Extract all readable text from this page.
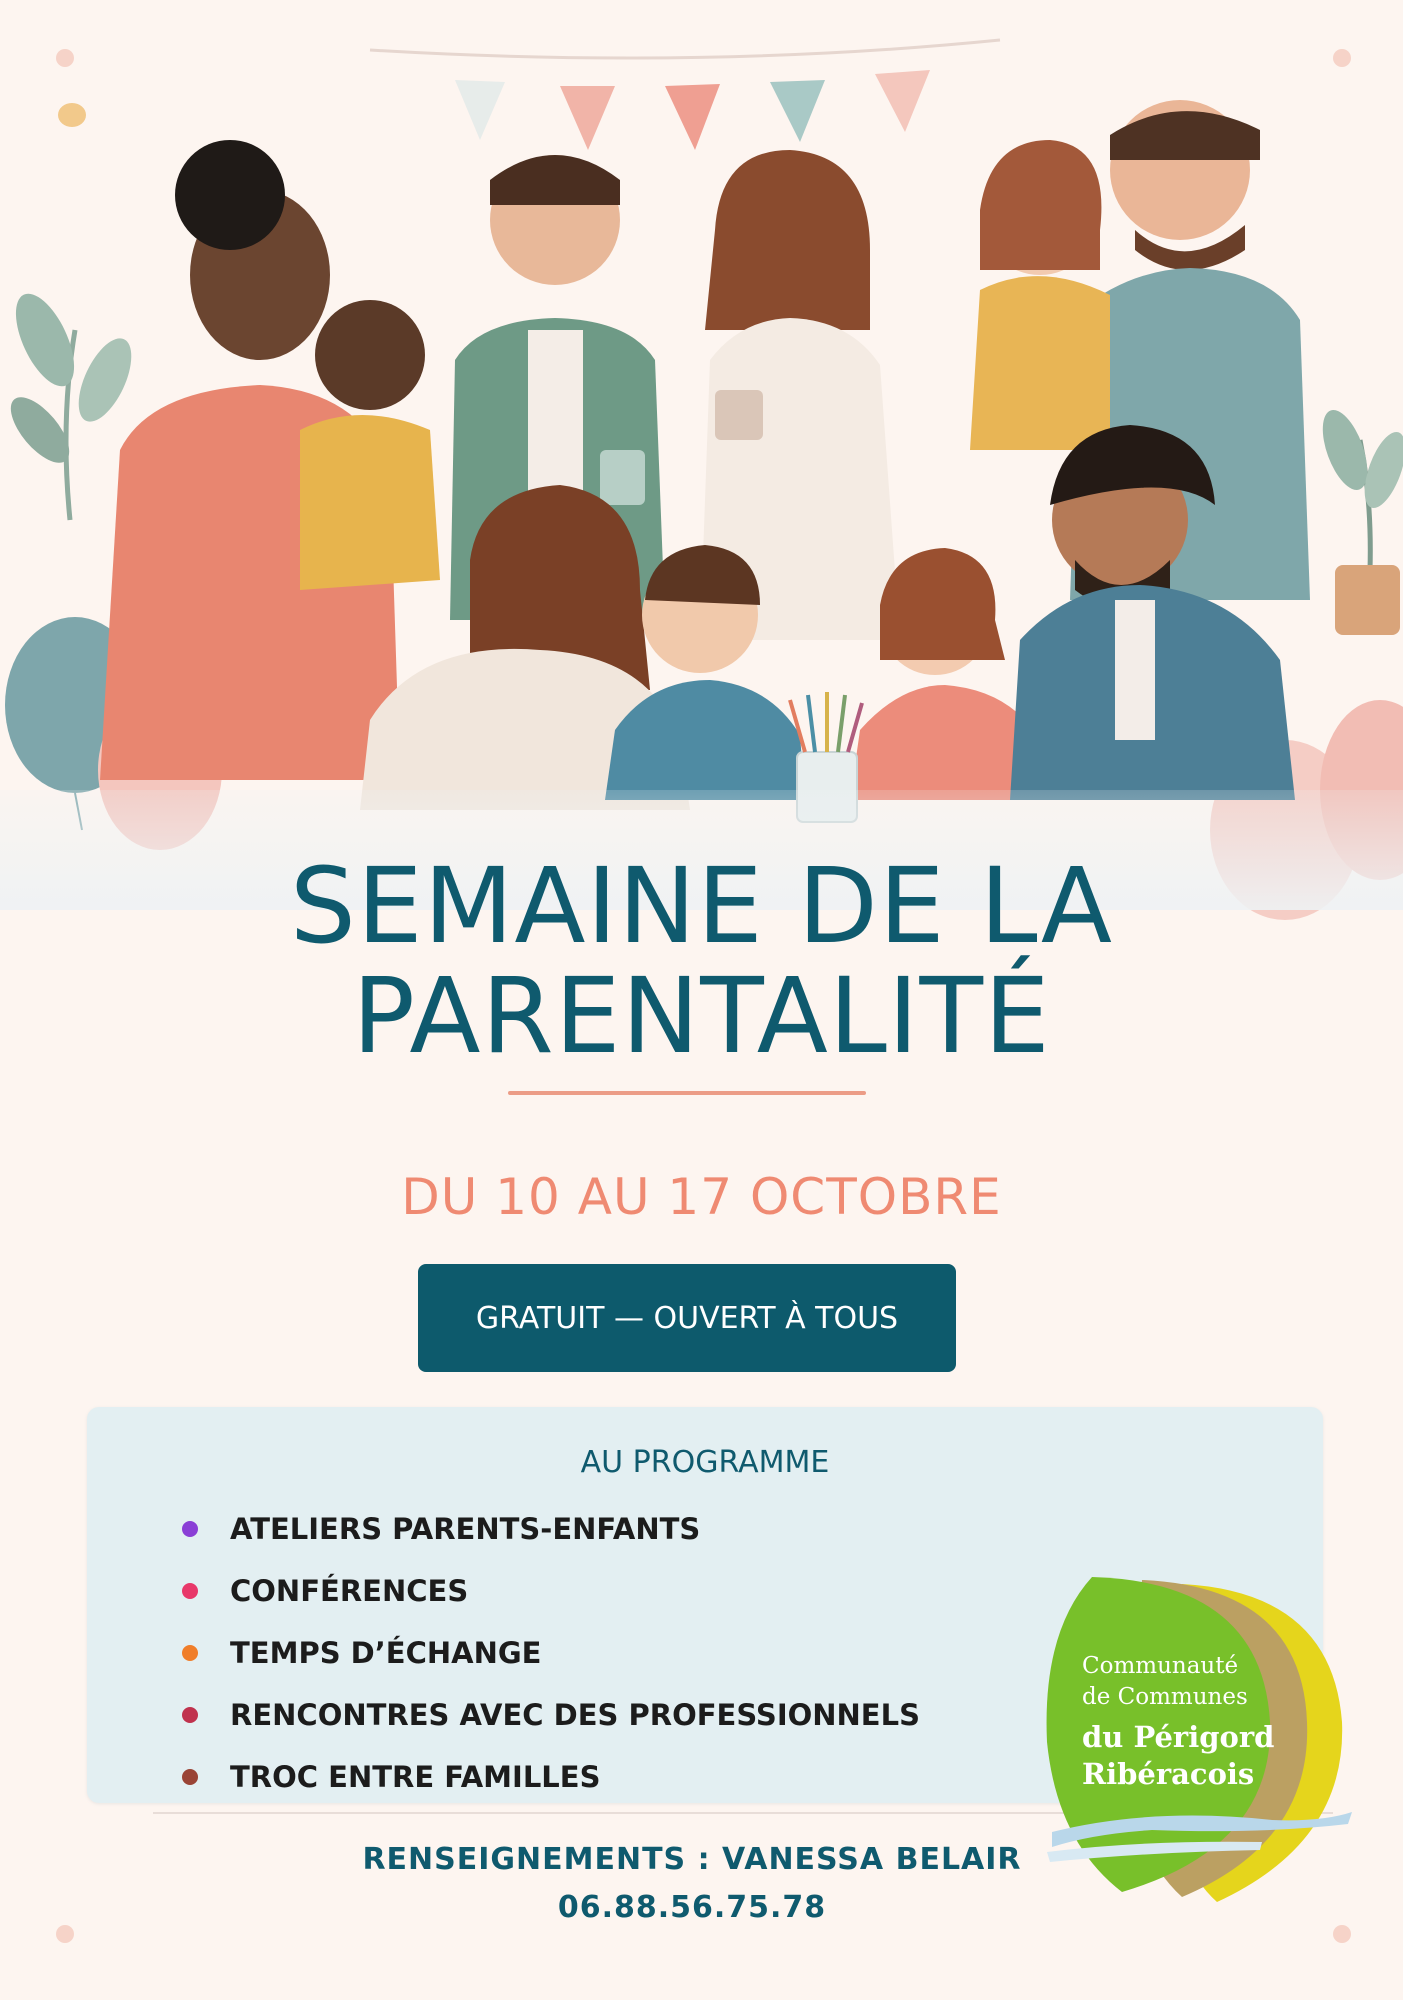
SEMAINE DE LA
PARENTALITÉ
DU 10 AU 17 OCTOBRE
GRATUIT — OUVERT À TOUS
AU PROGRAMME
ATELIERS PARENTS-ENFANTS
CONFÉRENCES
TEMPS D’ÉCHANGE
RENCONTRES AVEC DES PROFESSIONNELS
TROC ENTRE FAMILLES
RENSEIGNEMENTS : VANESSA BELAIR
06.88.56.75.78
Communauté
de Communes
du Périgord
Ribéracois
